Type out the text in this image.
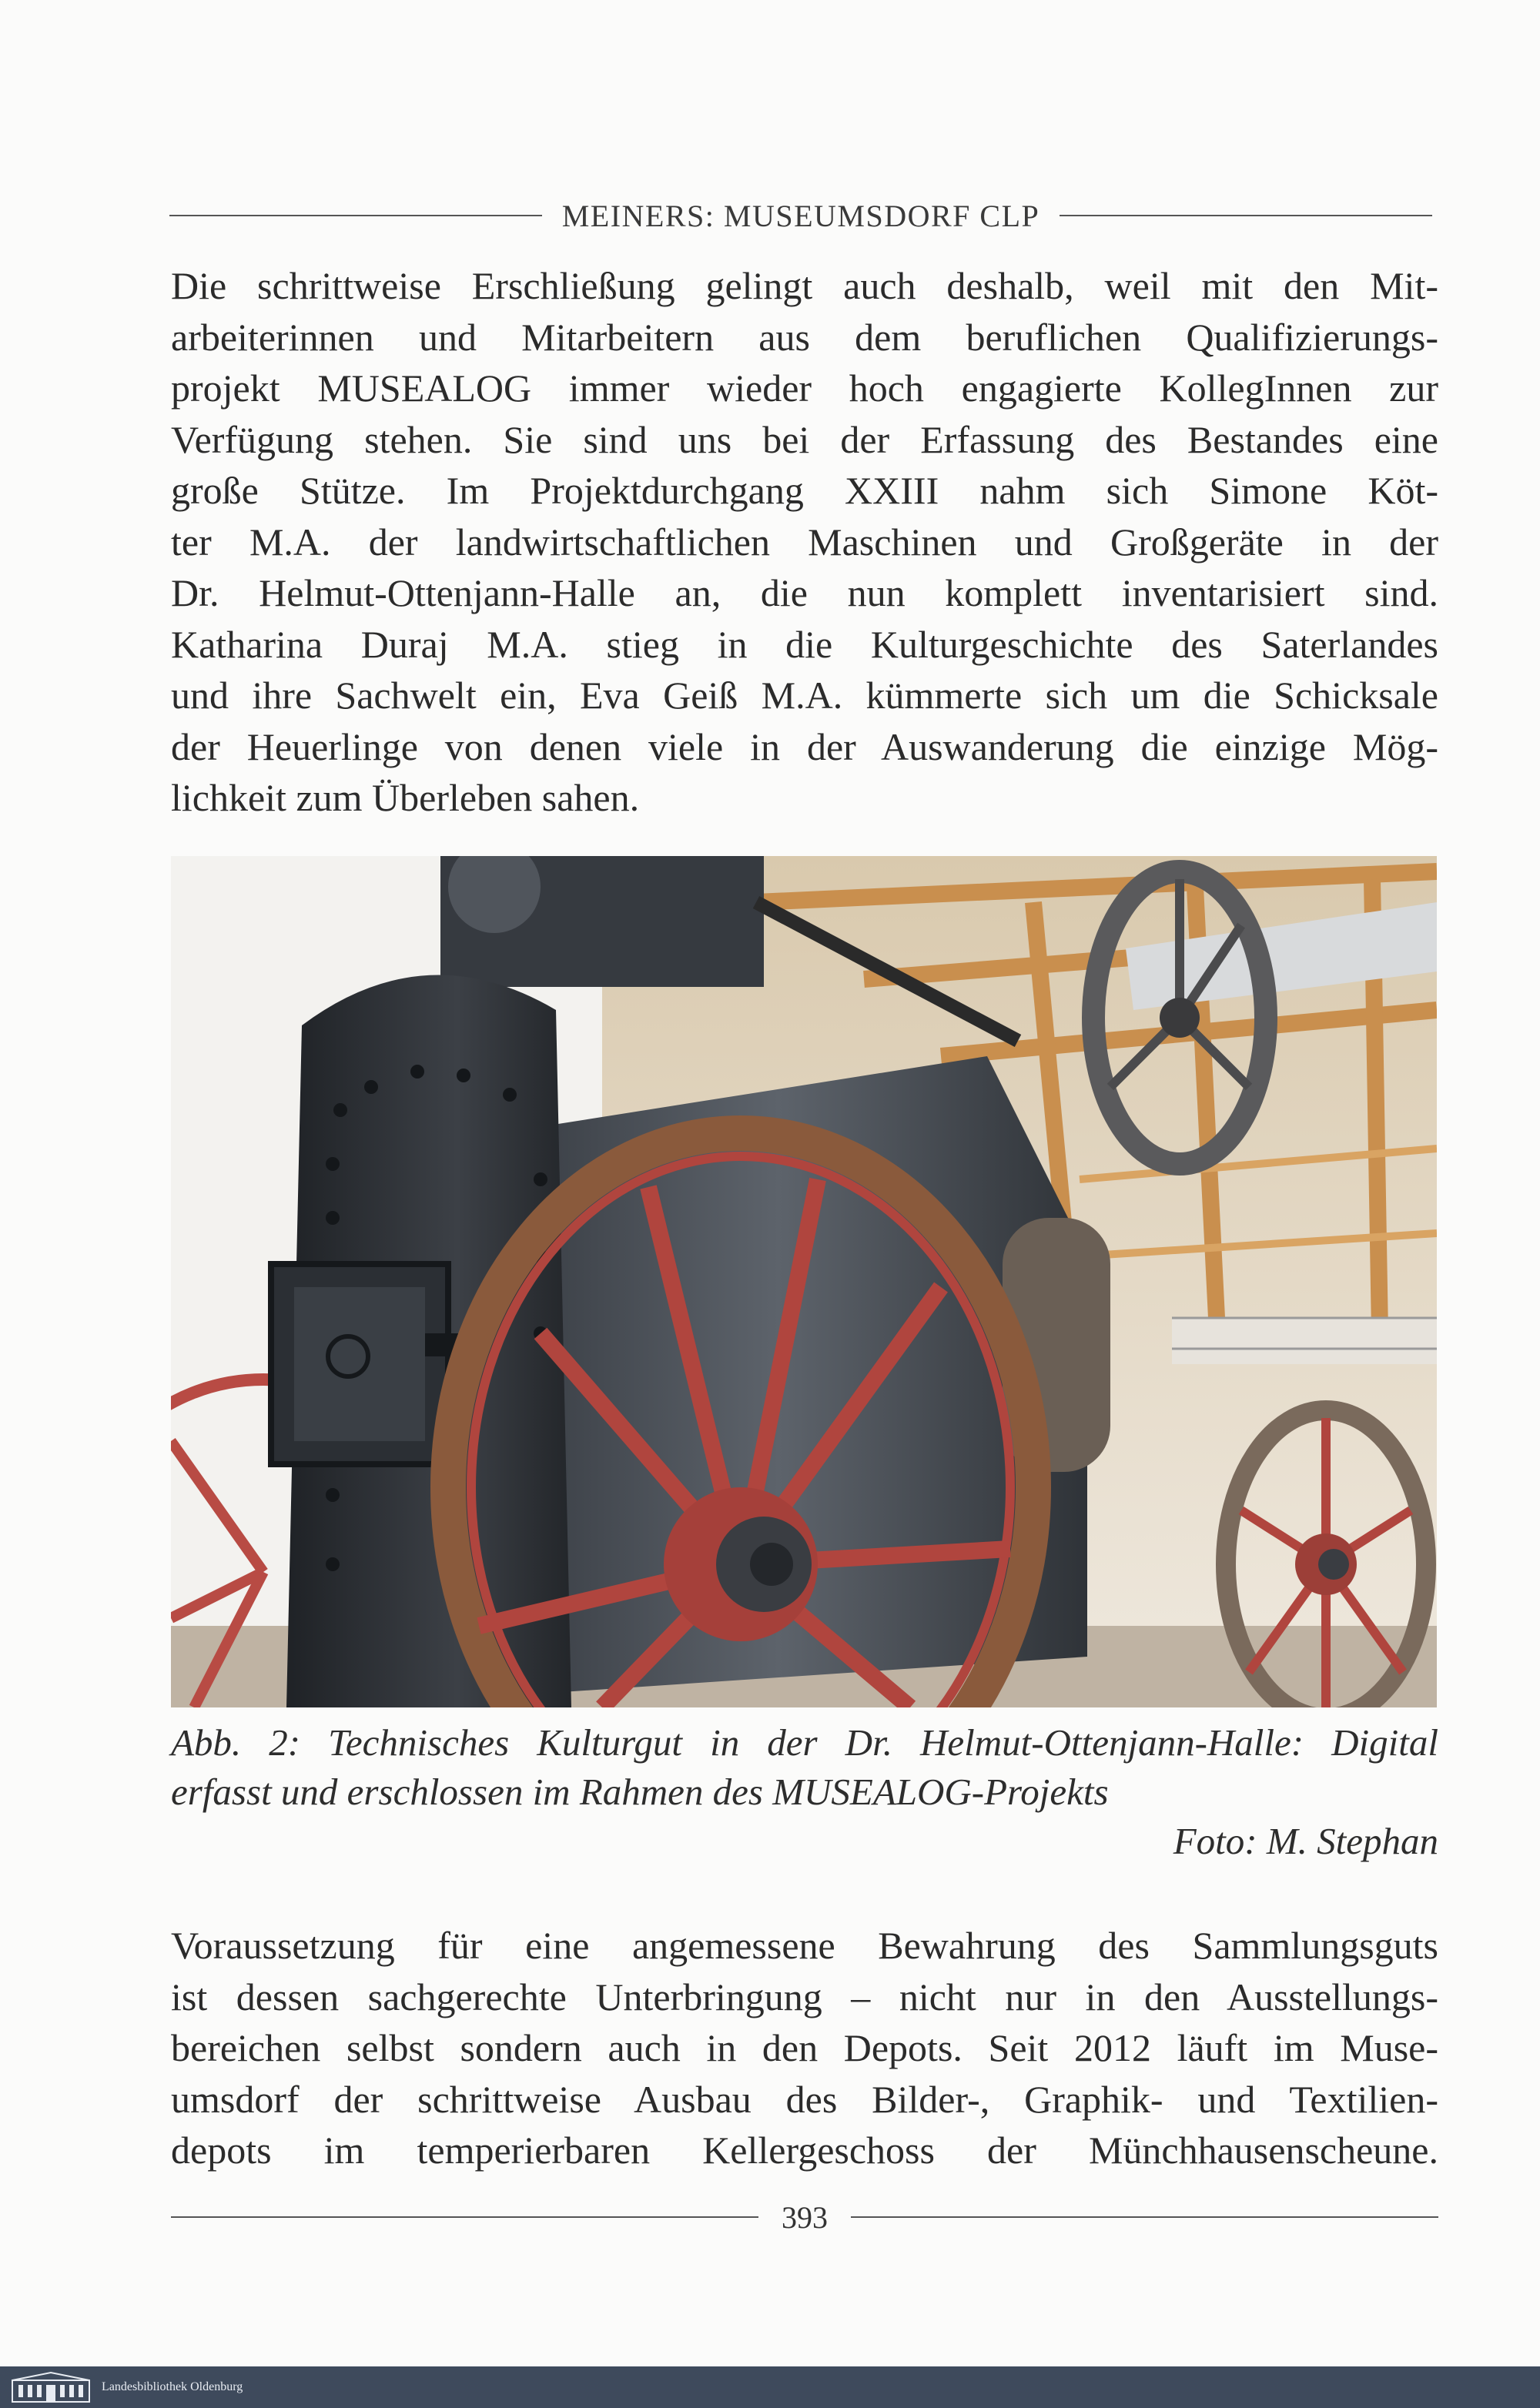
MEINERS: MUSEUMSDORF CLP

Die schrittweise Erschließung gelingt auch deshalb, weil mit den Mit-
arbeiterinnen und Mitarbeitern aus dem beruflichen Qualifizierungs-
projekt MUSEALOG immer wieder hoch engagierte KollegInnen zur
Verfügung stehen. Sie sind uns bei der Erfassung des Bestandes eine
große Stütze. Im Projektdurchgang XXIII nahm sich Simone Köt-
ter M.A. der landwirtschaftlichen Maschinen und Großgeräte in der
Dr. Helmut-Ottenjann-Halle an, die nun komplett inventarisiert sind.
Katharina Duraj M.A. stieg in die Kulturgeschichte des Saterlandes
und ihre Sachwelt ein, Eva Geiß M.A. kümmerte sich um die Schicksale
der Heuerlinge von denen viele in der Auswanderung die einzige Mög-
lichkeit zum Überleben sahen.

Abb. 2: Technisches Kulturgut in der Dr. Helmut-Ottenjann-Halle: Digital
erfasst und erschlossen im Rahmen des MUSEALOG-Projekts
Foto: M. Stephan

Voraussetzung für eine angemessene Bewahrung des Sammlungsguts
ist dessen sachgerechte Unterbringung – nicht nur in den Ausstellungs-
bereichen selbst sondern auch in den Depots. Seit 2012 läuft im Muse-
umsdorf der schrittweise Ausbau des Bilder-, Graphik- und Textilien-
depots im temperierbaren Kellergeschoss der Münchhausenscheune.

393
Landesbibliothek Oldenburg
